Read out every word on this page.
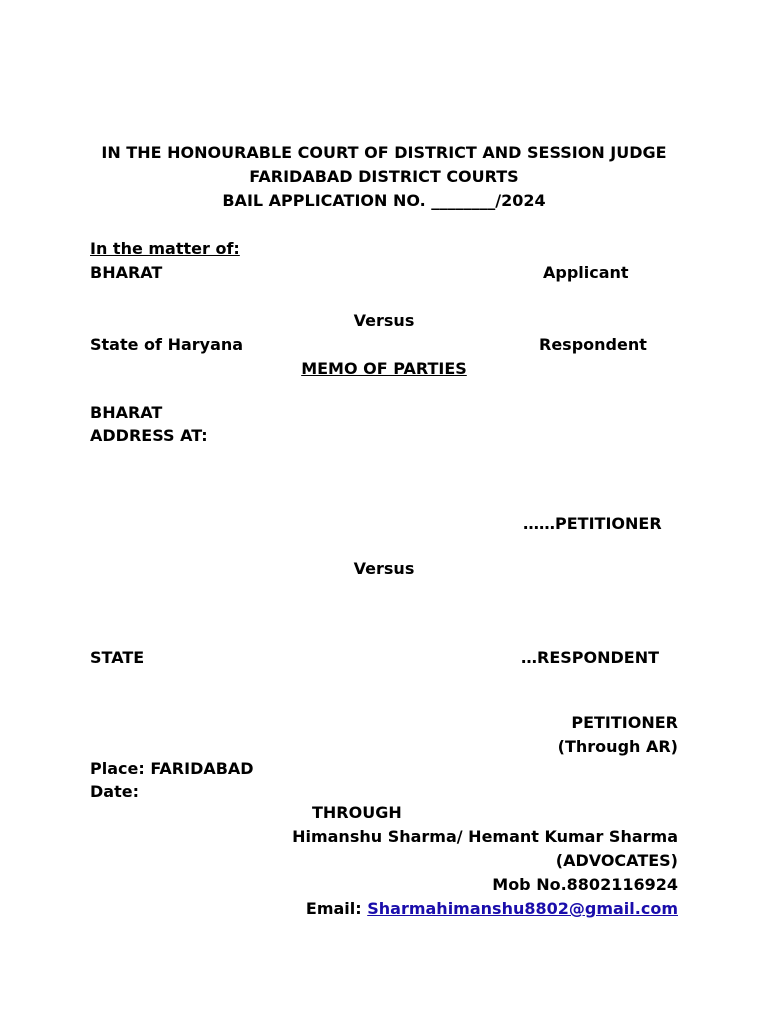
IN THE HONOURABLE COURT OF DISTRICT AND SESSION JUDGE
FARIDABAD DISTRICT COURTS
BAIL APPLICATION NO. ________/2024
In the matter of:
BHARAT	Applicant
Versus
State of Haryana	Respondent
MEMO OF PARTIES
BHARAT
ADDRESS AT:
……PETITIONER
Versus
STATE	…RESPONDENT
PETITIONER
(Through AR)
Place: FARIDABAD
Date:
THROUGH
Himanshu Sharma/ Hemant Kumar Sharma
(ADVOCATES)
Mob No.8802116924
Email: Sharmahimanshu8802@gmail.com
